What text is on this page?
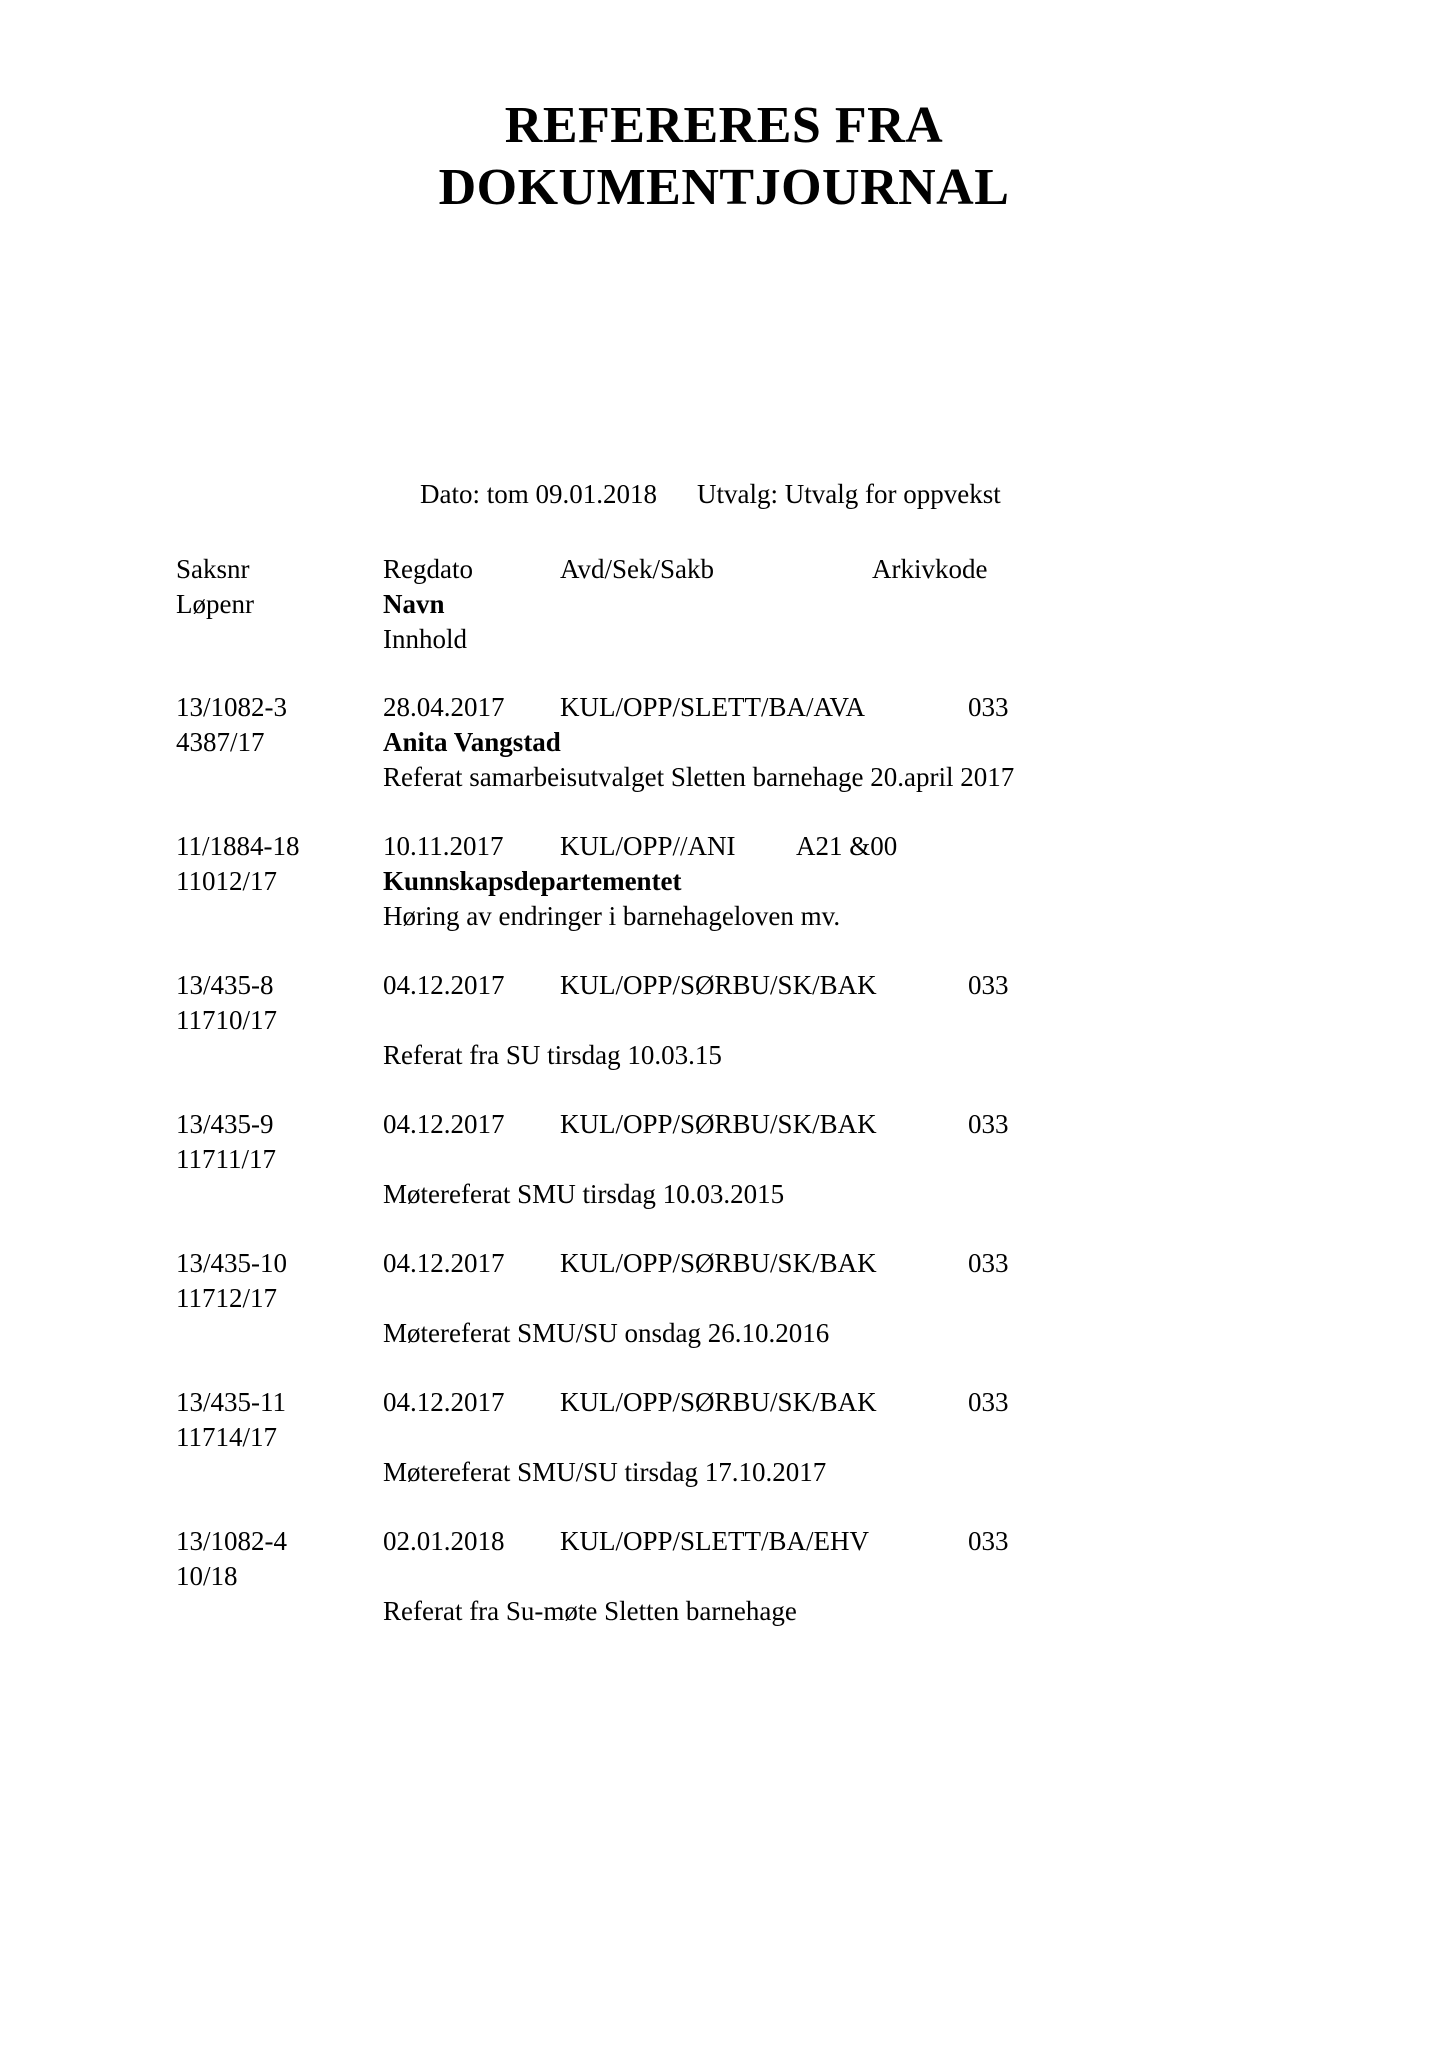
REFERERES FRA
DOKUMENTJOURNAL
Dato: tom 09.01.2018 Utvalg: Utvalg for oppvekst
Saksnr	Regdato	Avd/Sek/Sakb	Arkivkode
Løpenr	Navn
Innhold
13/1082-3	28.04.2017 KUL/OPP/SLETT/BA/AVA	033
4387/17	Anita Vangstad
Referat samarbeisutvalget Sletten barnehage 20.april 2017
11/1884-18	10.11.2017 KUL/OPP//ANI A21 &00
11012/17	Kunnskapsdepartementet
Høring av endringer i barnehageloven mv.
13/435-8	04.12.2017 KUL/OPP/SØRBU/SK/BAK	033
11710/17
Referat fra SU tirsdag 10.03.15
13/435-9	04.12.2017 KUL/OPP/SØRBU/SK/BAK	033
11711/17
Møtereferat SMU tirsdag 10.03.2015
13/435-10	04.12.2017 KUL/OPP/SØRBU/SK/BAK	033
11712/17
Møtereferat SMU/SU onsdag 26.10.2016
13/435-11	04.12.2017 KUL/OPP/SØRBU/SK/BAK	033
11714/17
Møtereferat SMU/SU tirsdag 17.10.2017
13/1082-4	02.01.2018 KUL/OPP/SLETT/BA/EHV	033
10/18
Referat fra Su-møte Sletten barnehage
